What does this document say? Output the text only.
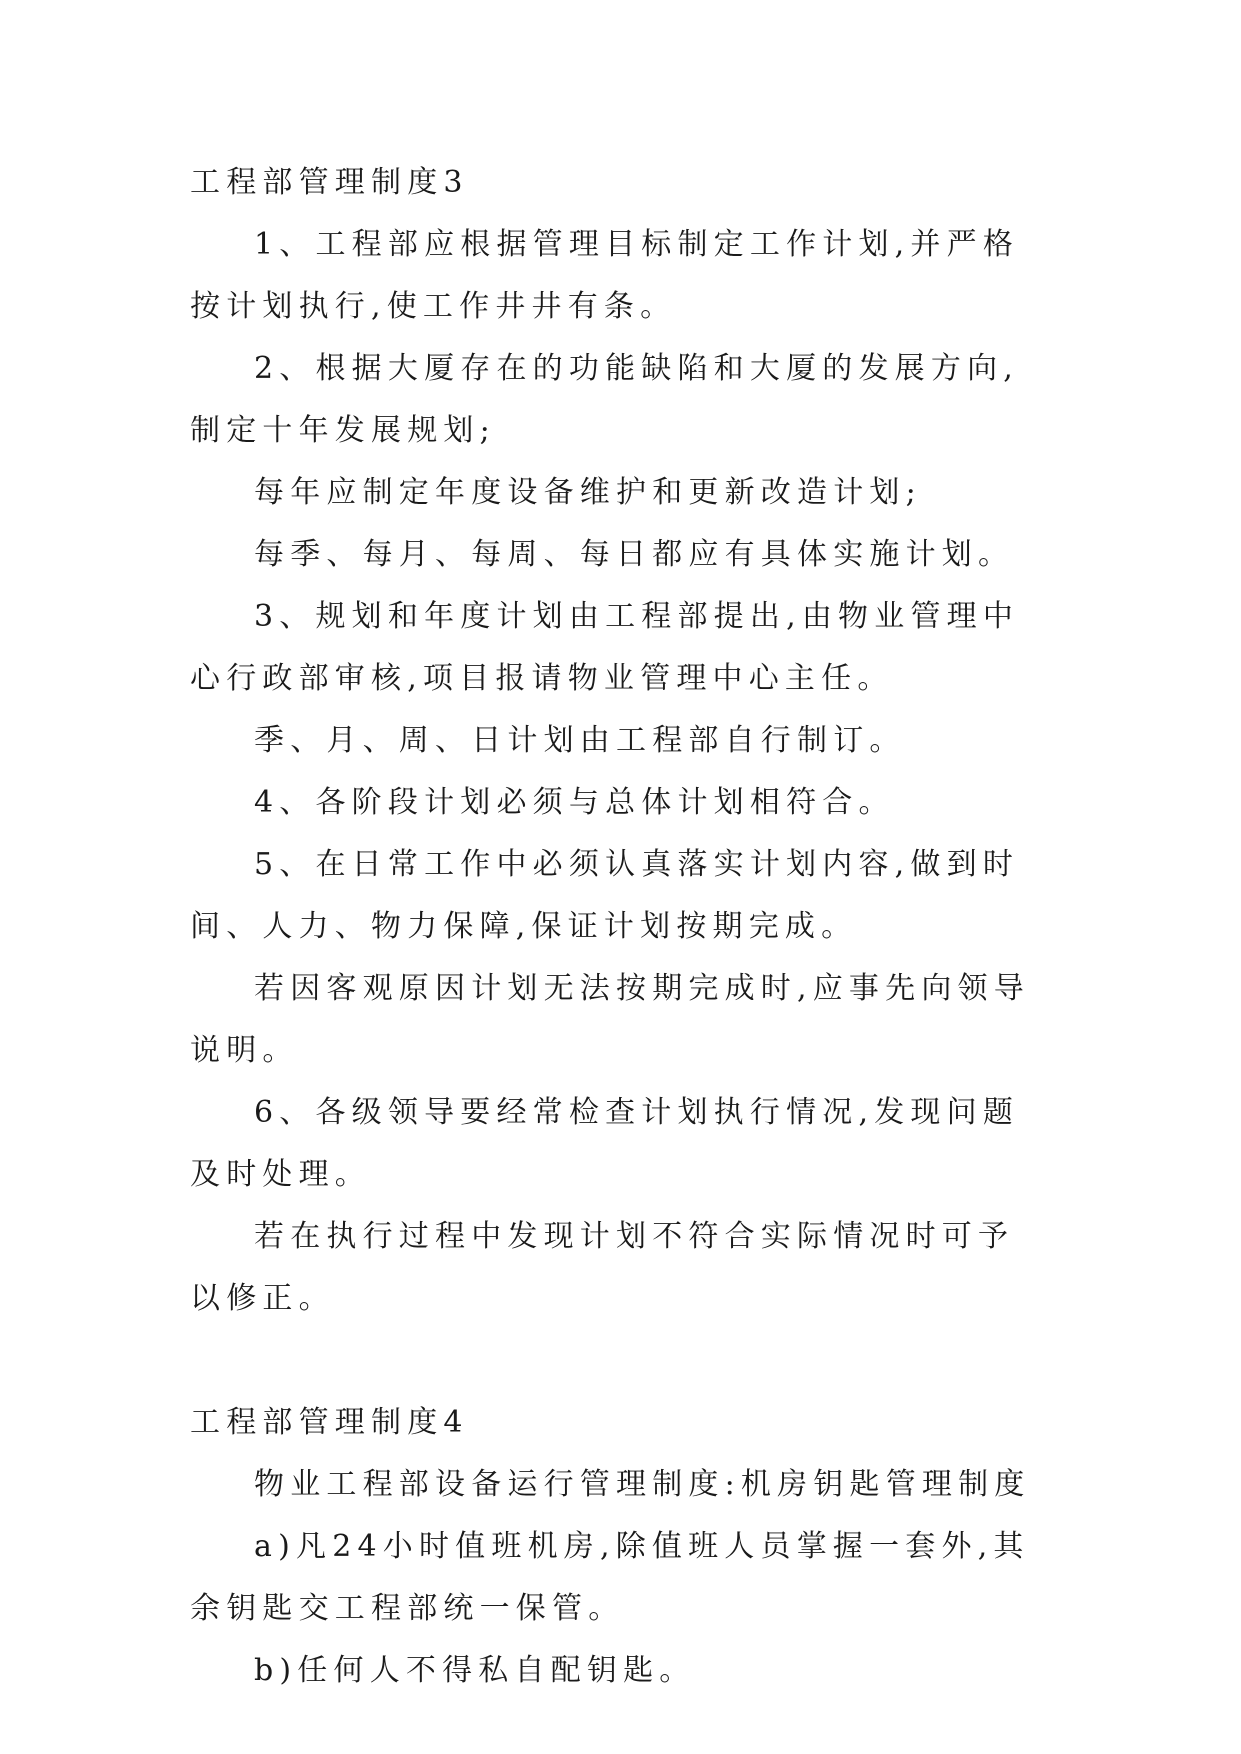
工程部管理制度3

1、工程部应根据管理目标制定工作计划,并严格按计划执行,使工作井井有条。

2、根据大厦存在的功能缺陷和大厦的发展方向,制定十年发展规划;

每年应制定年度设备维护和更新改造计划;

每季、每月、每周、每日都应有具体实施计划。

3、规划和年度计划由工程部提出,由物业管理中心行政部审核,项目报请物业管理中心主任。

季、月、周、日计划由工程部自行制订。

4、各阶段计划必须与总体计划相符合。

5、在日常工作中必须认真落实计划内容,做到时间、人力、物力保障,保证计划按期完成。

若因客观原因计划无法按期完成时,应事先向领导说明。

6、各级领导要经常检查计划执行情况,发现问题及时处理。

若在执行过程中发现计划不符合实际情况时可予以修正。

工程部管理制度4

物业工程部设备运行管理制度:机房钥匙管理制度

a)凡24小时值班机房,除值班人员掌握一套外,其余钥匙交工程部统一保管。

b)任何人不得私自配钥匙。
